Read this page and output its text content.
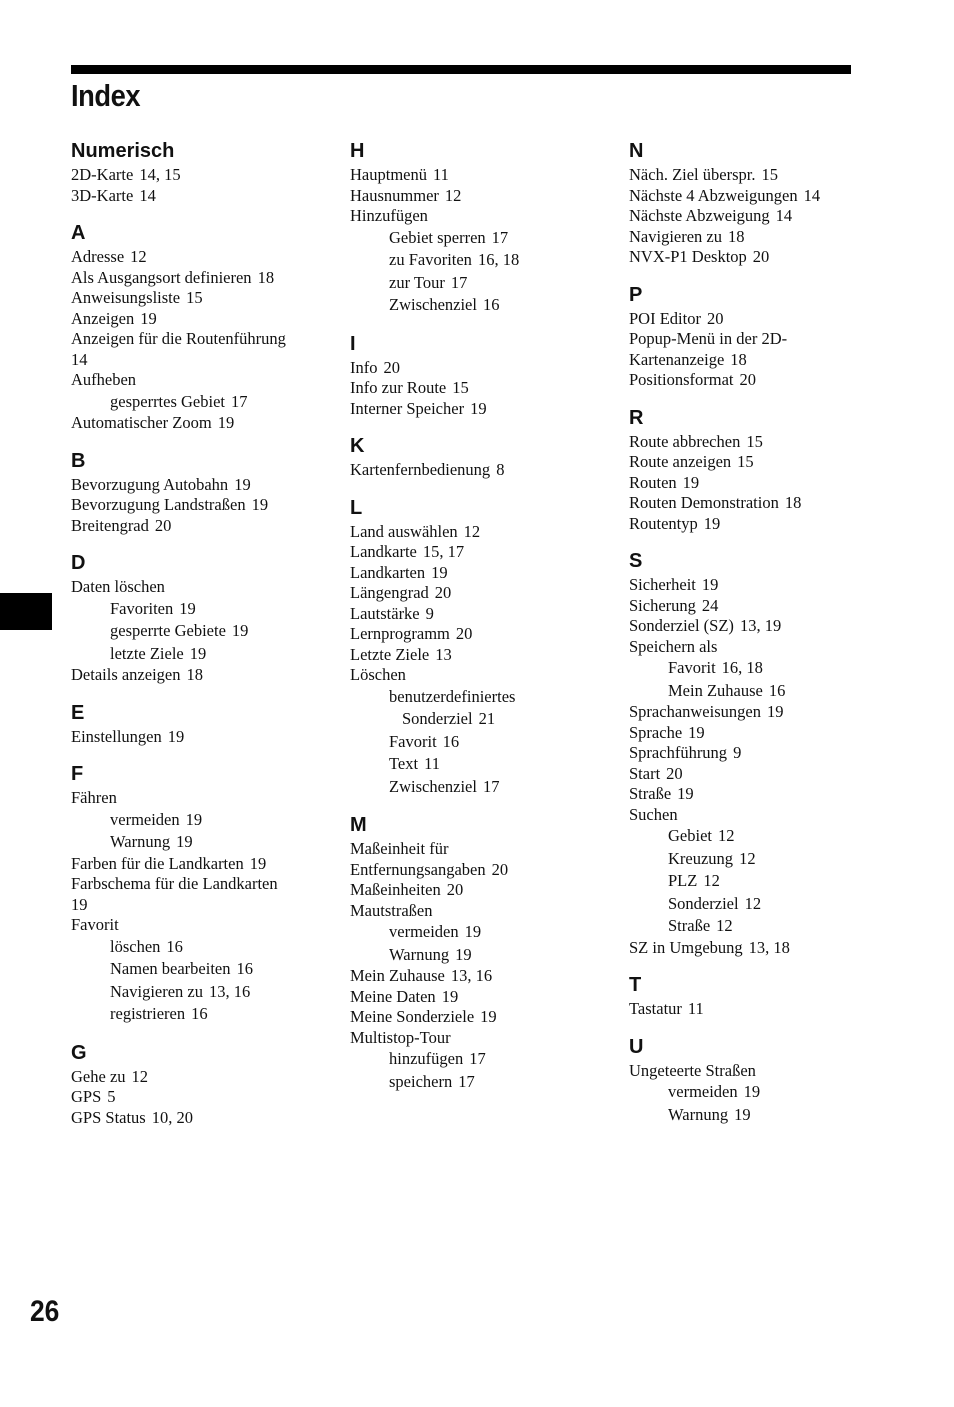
Index
Numerisch
2D-Karte 14, 15
3D-Karte 14
A
Adresse 12
Als Ausgangsort definieren 18
Anweisungsliste 15
Anzeigen 19
Anzeigen für die Routenführung
14
Aufheben
gesperrtes Gebiet 17
Automatischer Zoom 19
B
Bevorzugung Autobahn 19
Bevorzugung Landstraßen 19
Breitengrad 20
D
Daten löschen
Favoriten 19
gesperrte Gebiete 19
letzte Ziele 19
Details anzeigen 18
E
Einstellungen 19
F
Fähren
vermeiden 19
Warnung 19
Farben für die Landkarten 19
Farbschema für die Landkarten
19
Favorit
löschen 16
Namen bearbeiten 16
Navigieren zu 13, 16
registrieren 16
G
Gehe zu 12
GPS 5
GPS Status 10, 20
H
Hauptmenü 11
Hausnummer 12
Hinzufügen
Gebiet sperren 17
zu Favoriten 16, 18
zur Tour 17
Zwischenziel 16
I
Info 20
Info zur Route 15
Interner Speicher 19
K
Kartenfernbedienung 8
L
Land auswählen 12
Landkarte 15, 17
Landkarten 19
Längengrad 20
Lautstärke 9
Lernprogramm 20
Letzte Ziele 13
Löschen
benutzerdefiniertes
Sonderziel 21
Favorit 16
Text 11
Zwischenziel 17
M
Maßeinheit für
Entfernungsangaben 20
Maßeinheiten 20
Mautstraßen
vermeiden 19
Warnung 19
Mein Zuhause 13, 16
Meine Daten 19
Meine Sonderziele 19
Multistop-Tour
hinzufügen 17
speichern 17
N
Näch. Ziel überspr. 15
Nächste 4 Abzweigungen 14
Nächste Abzweigung 14
Navigieren zu 18
NVX-P1 Desktop 20
P
POI Editor 20
Popup-Menü in der 2D-
Kartenanzeige 18
Positionsformat 20
R
Route abbrechen 15
Route anzeigen 15
Routen 19
Routen Demonstration 18
Routentyp 19
S
Sicherheit 19
Sicherung 24
Sonderziel (SZ) 13, 19
Speichern als
Favorit 16, 18
Mein Zuhause 16
Sprachanweisungen 19
Sprache 19
Sprachführung 9
Start 20
Straße 19
Suchen
Gebiet 12
Kreuzung 12
PLZ 12
Sonderziel 12
Straße 12
SZ in Umgebung 13, 18
T
Tastatur 11
U
Ungeteerte Straßen
vermeiden 19
Warnung 19
26
